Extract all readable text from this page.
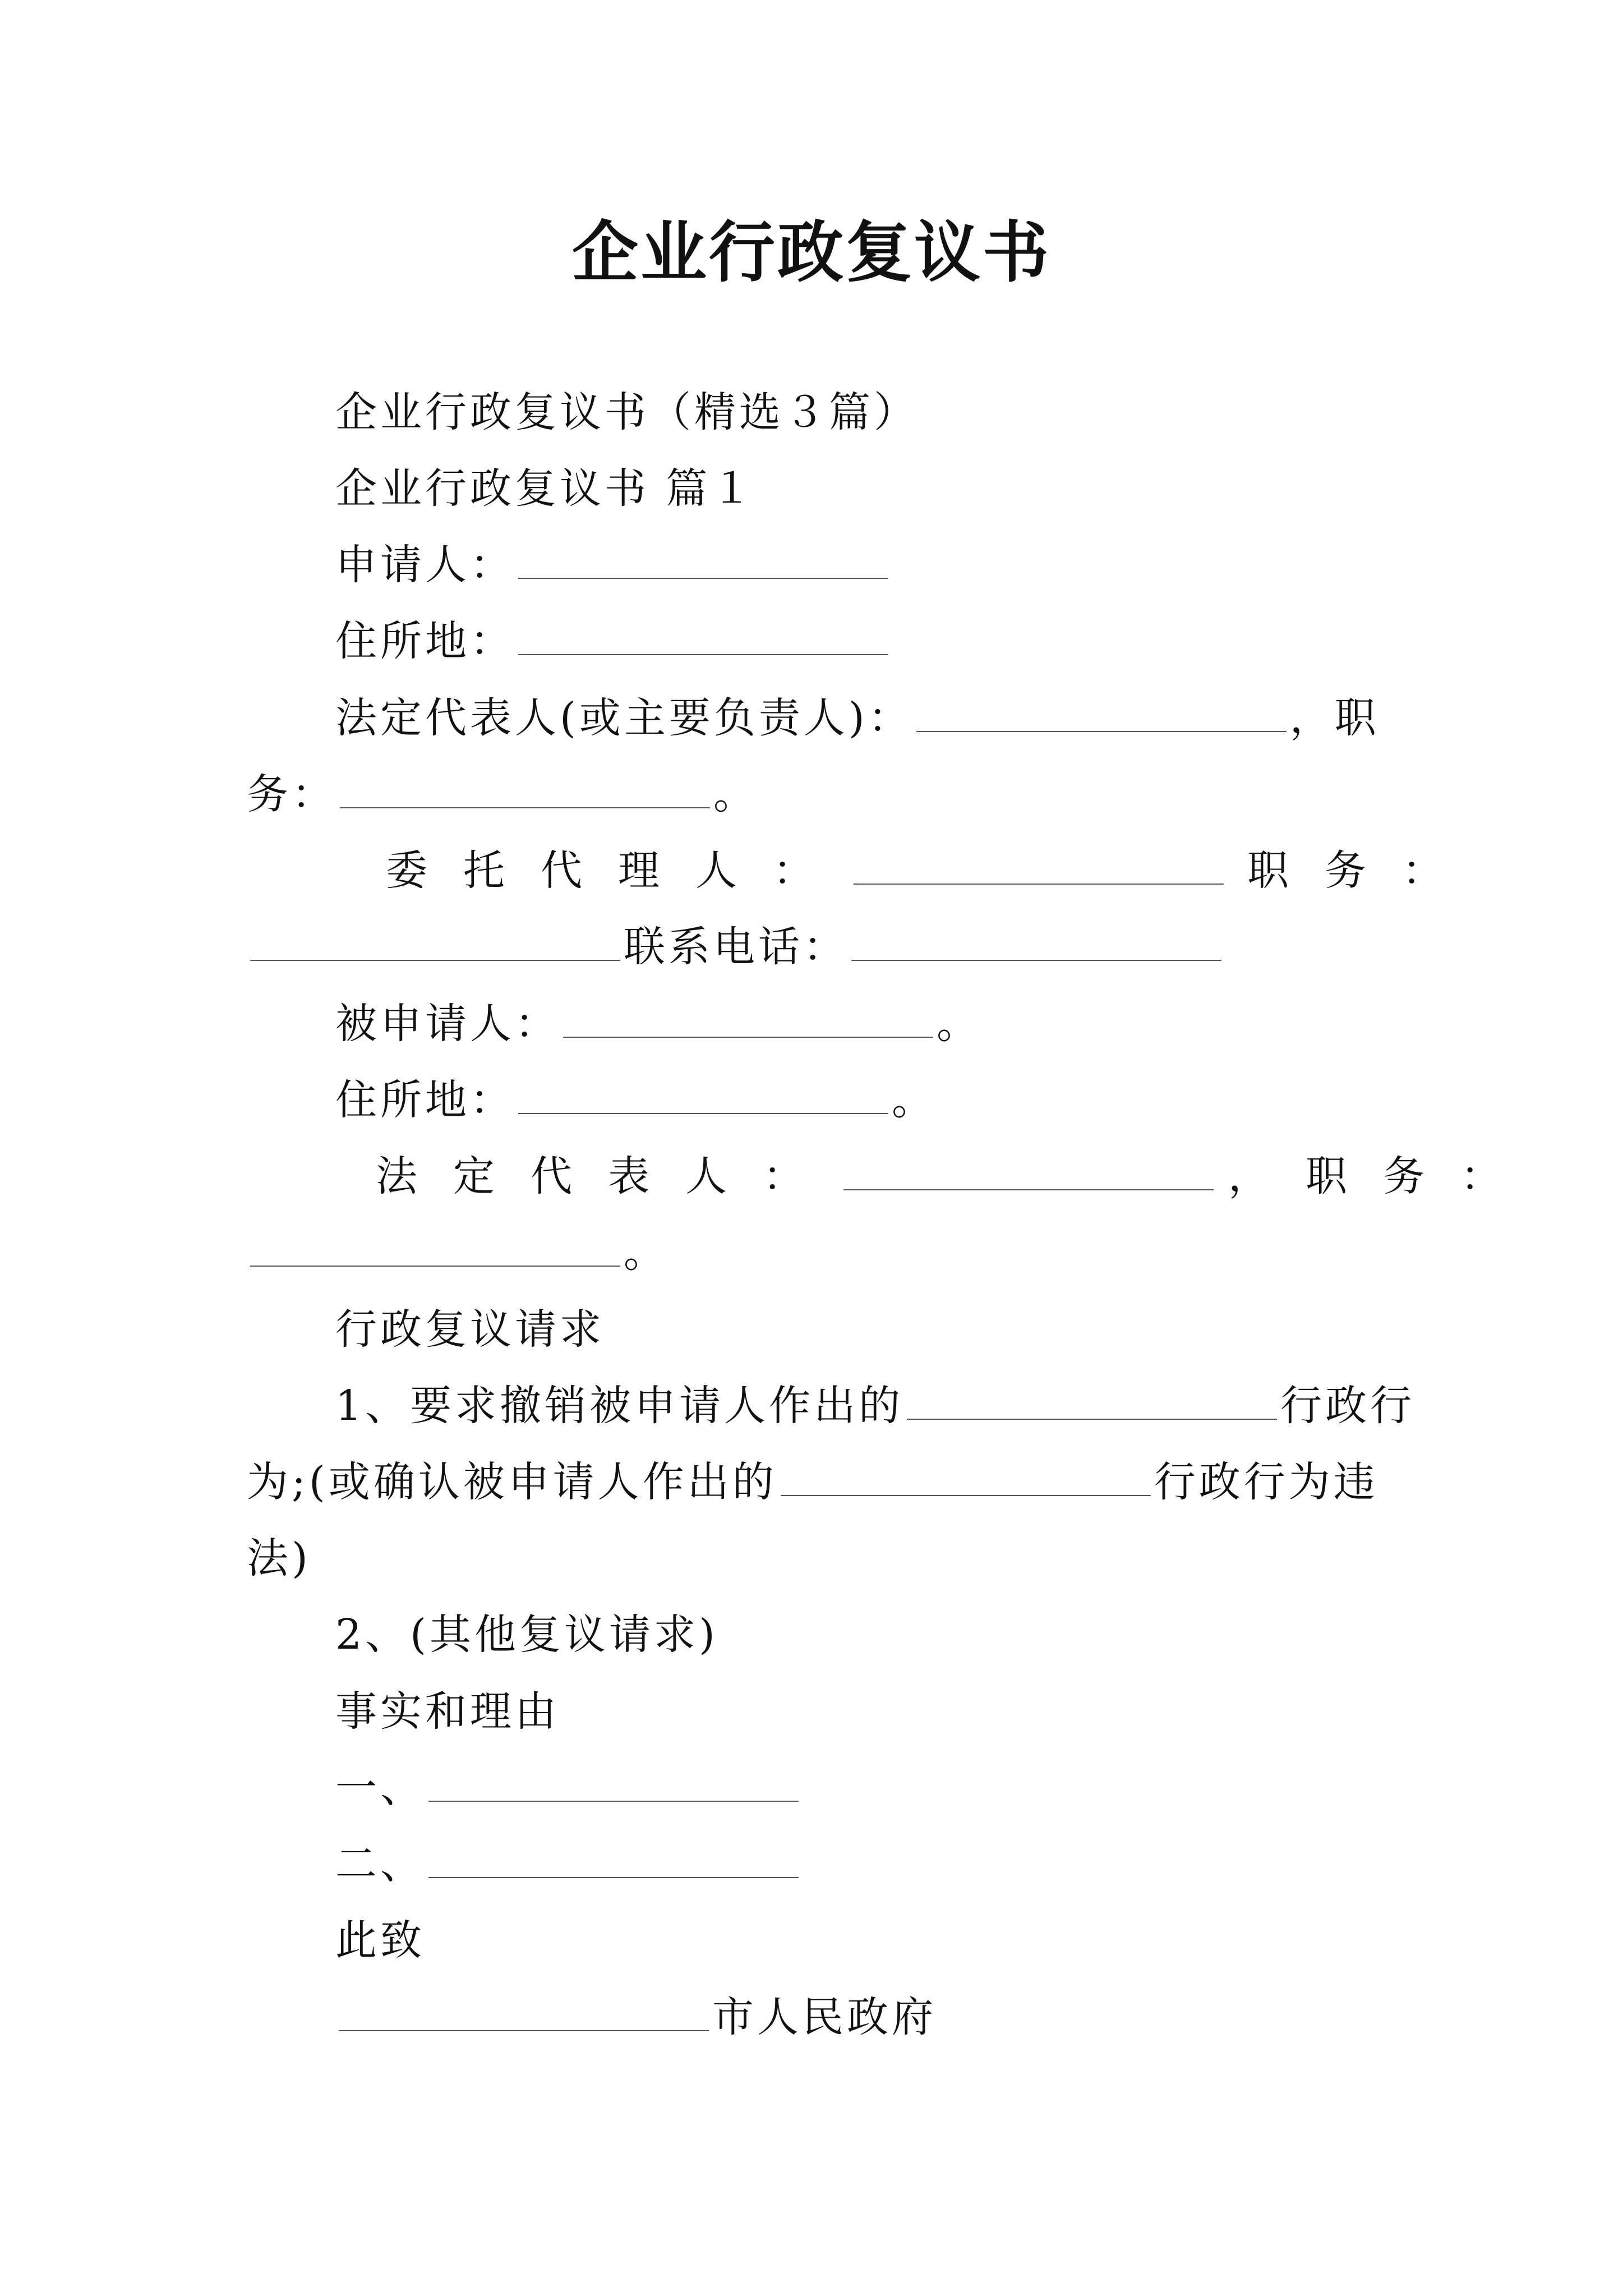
企业行政复议书
企业行政复议书（精选３篇）
企业行政复议书 篇１
申请人：
住所地：
法定代表人(或主要负责人)：	，职
务：	。
委托代理人：	职务：
联系电话：
被申请人：	。
住所地：	。
法定代表人：	，职务：
。
行政复议请求
1、要求撤销被申请人作出的	行政行
为;(或确认被申请人作出的	行政行为违
法)
2、(其他复议请求)
事实和理由
一、
二、
此致
市人民政府
